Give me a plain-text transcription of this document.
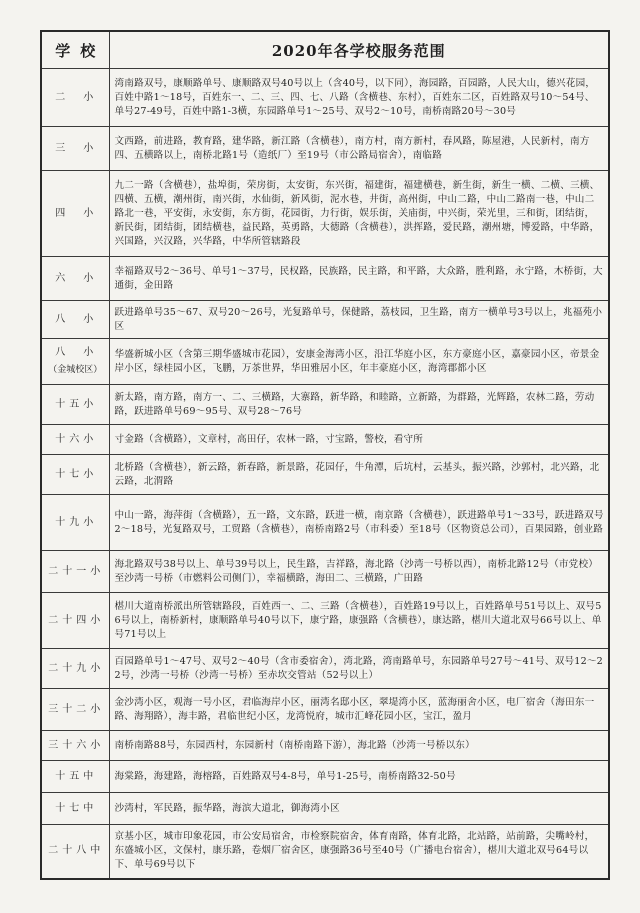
学校	2020年各学校服务范围
二　小	湾南路双号，康顺路单号、康顺路双号40号以上（含40号，以下同），海园路，百园路，人民大山，德兴花园，百姓中路1～18号，百姓东一、二、三、四、七、八路（含横巷、东村），百姓东二区，百姓路双号10～54号、单号27-49号，百姓中路1-3横，东园路单号1～25号、双号2～10号，南桥南路20号～30号
三　小	文西路，前进路，教育路，建华路，新江路（含横巷），南方村，南方新村，春风路，陈屋港，人民新村，南方四、五横路以上，南桥北路1号（造纸厂）至19号（市公路局宿舍），南临路
四　小	九二一路（含横巷），盐埠街，荣房街，太安街，东兴街，福建街，福建横巷，新生街，新生一横、二横、三横、四横、五横，潮州街，南兴街，水仙街，新风街，泥水巷，井街，高州街，中山二路，中山二路南一巷，中山二路北一巷，平安街，永安街，东方街，花园街，力行街，娱乐街，关庙街，中兴街，荣光里，三和街，团结街，新民街，团结街，团结横巷，益民路，英勇路，大德路（含横巷），洪挥路，爱民路，潮州塘，博爱路，中华路，兴国路，兴汉路，兴华路，中华所管辖路段
六　小	幸福路双号2～36号、单号1～37号，民权路，民族路，民主路，和平路，大众路，胜利路，永宁路，木桥街，大通街，金田路
八　小	跃进路单号35～67、双号20～26号，光复路单号，保健路，荔枝园，卫生路，南方一横单号3号以上，兆福苑小区
八　小
（金城校区）	华盛新城小区（含第三期华盛城市花园），安康金海湾小区，沿江华庭小区，东方豪庭小区，嘉豪园小区，帝景金岸小区，绿桂园小区，飞鹏，万茶世界，华田雅居小区，年丰豪庭小区，海湾郡都小区
十五小	新太路，南方路，南方一、二、三横路，大寨路，新华路，和睦路，立新路，为群路，光辉路，农林二路，劳动路，跃进路单号69～95号、双号28～76号
十六小	寸金路（含横路），文章村，高田仔，农林一路，寸宝路，警校，看守所
十七小	北桥路（含横巷），新云路，新春路，新景路，花园仔，牛角潭，后坑村，云基头，振兴路，沙郭村，北兴路，北云路，北渭路
十九小	中山一路，海萍街（含横路），五一路，文东路，跃进一横，南京路（含横巷），跃进路单号1～33号，跃进路双号2～18号，光复路双号，工贸路（含横巷），南桥南路2号（市科委）至18号（区物资总公司），百果园路，创业路
二十一小	海北路双号38号以上、单号39号以上，民生路，吉祥路，海北路（沙湾一号桥以西），南桥北路12号（市党校）至沙湾一号桥（市燃料公司侧门），幸福横路，海田二、三横路，广田路
二十四小	椹川大道南桥派出所管辖路段，百姓西一、二、三路（含横巷），百姓路19号以上，百姓路单号51号以上、双号56号以上，南桥新村，康顺路单号40号以下，康宁路，康强路（含横巷），康达路，椹川大道北双号66号以上、单号71号以上
二十九小	百园路单号1～47号、双号2～40号（含市委宿舍），湾北路，湾南路单号，东园路单号27号～41号、双号12～22号，沙湾一号桥（沙湾一号桥）至赤坎交管站（52号以上）
三十二小	金沙湾小区，观海一号小区，君临海岸小区，丽湾名邸小区，翠堤湾小区，蓝海丽舍小区，电厂宿舍（海田东一路、海翔路），海丰路，君临世纪小区，龙湾悦府，城市汇峰花园小区，宝江，盈月
三十六小	南桥南路88号，东园西村，东园新村（南桥南路下游），海北路（沙湾一号桥以东）
十五中	海棠路，海建路，海榕路，百姓路双号4-8号，单号1-25号，南桥南路32-50号
十七中	沙湾村，军民路，振华路，海滨大道北，御海湾小区
二十八中	京基小区，城市印象花园，市公安局宿舍，市检察院宿舍，体育南路，体育北路，北站路，站前路，尖嘴岭村，东盛城小区，文保村，康乐路，卷烟厂宿舍区，康强路36号至40号（广播电台宿舍），椹川大道北双号64号以下、单号69号以下
